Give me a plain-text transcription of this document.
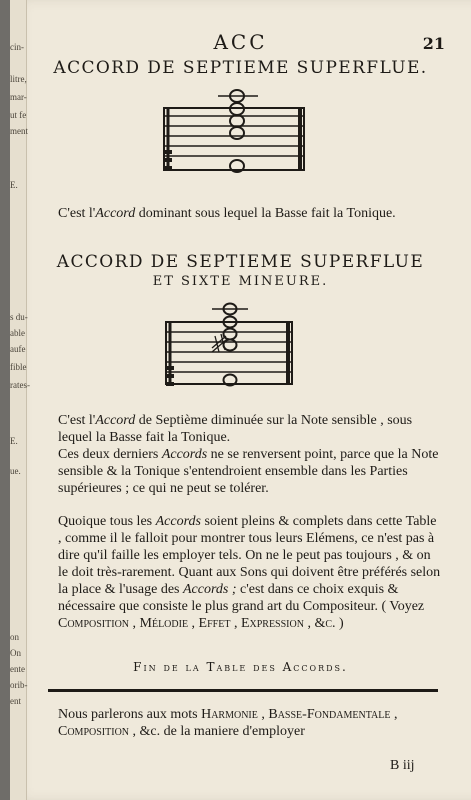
cin-
litre,
mar-
ut fe
ment
E.
s du-
able
aufe
fible
rates-
E.
ue.
on
On
ente
orib-
ent
ACC	21
ACCORD DE SEPTIEME SUPERFLUE.
C'est l'Accord dominant sous lequel la Basse fait la Tonique.
ACCORD DE SEPTIEME SUPERFLUE
ET SIXTE MINEURE.
C'est l'Accord de Septième diminuée sur la Note sensible , sous lequel la Basse fait la Tonique.
Ces deux derniers Accords ne se renversent point, parce que la Note sensible & la Tonique s'entendroient ensemble dans les Parties supérieures ; ce qui ne peut se tolérer.
Quoique tous les Accords soient pleins & complets dans cette Table , comme il le falloit pour montrer tous leurs Elémens, ce n'est pas à dire qu'il faille les employer tels. On ne le peut pas toujours , & on le doit très-rarement. Quant aux Sons qui doivent être préférés selon la place & l'usage des Accords ; c'est dans ce choix exquis & nécessaire que consiste le plus grand art du Compositeur. ( Voyez Composition , Mélodie , Effet , Expression , &c. )
Fin de la Table des Accords.
Nous parlerons aux mots Harmonie , Basse-Fondamentale , Composition , &c. de la maniere d'employer
B iij
